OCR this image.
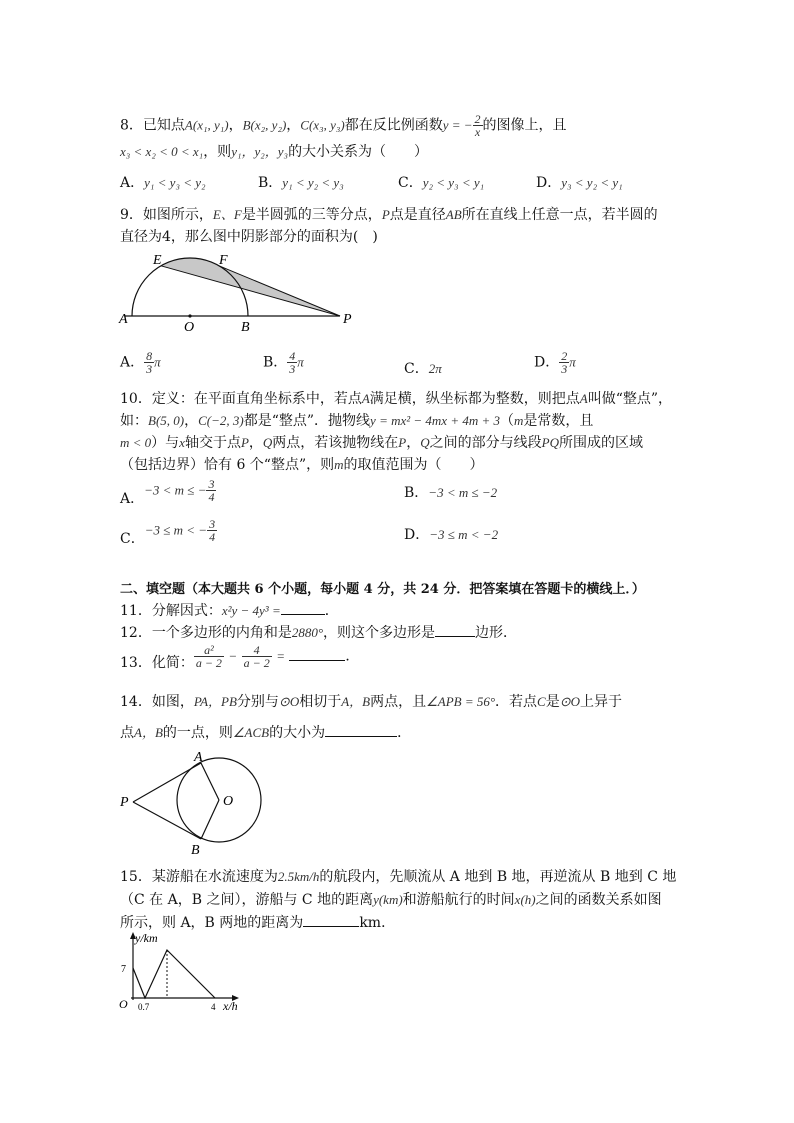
8．已知点A(x₁, y₁)，B(x₂, y₂)，C(x₃, y₃)都在反比例函数y = − $\frac{2}{x}$ 的图像上，且
x₃ < x₂ < 0 < x₁，则y₁，y₂，y₃的大小关系为（　　）
A．y₁ < y₃ < y₂	B．y₁ < y₂ < y₃	C．y₂ < y₃ < y₁	D．y₃ < y₂ < y₁
9．如图所示，E、F是半圆弧的三等分点，P点是直径AB所在直线上任意一点，若半圆的
直径为4，那么图中阴影部分的面积为(　)
E	F
A
O	B
P
A． $\frac{8}{3}$ π	B． $\frac{4}{3}$ π	C．2π	D． $\frac{2}{3}$ π
10．定义：在平面直角坐标系中，若点A满足横，纵坐标都为整数，则把点A叫做“整点”，
如：B(5, 0)，C(−2, 3)都是“整点”．抛物线y = mx² − 4mx + 4m + 3（m是常数，且
m < 0）与x轴交于点P，Q两点，若该抛物线在P，Q之间的部分与线段PQ所围成的区域
（包括边界）恰有 6 个“整点”，则m的取值范围为（　　）
A．−3 < m ≤ − $\frac{3}{4}$	B．−3 < m ≤ −2
C．−3 ≤ m < − $\frac{3}{4}$	D．−3 ≤ m < −2
二、填空题（本大题共 6 个小题，每小题 4 分，共 24 分．把答案填在答题卡的横线上．）
11．分解因式：x²y − 4y³ =	．
12．一个多边形的内角和是2880°，则这个多边形是	边形．
13．化简： $\frac{\text{a²}}{a - 2} - \frac{4}{a - 2}$ =	．
14．如图，PA，PB分别与⊙O相切于A，B两点，且∠APB = 56°．若点C是⊙O上异于
点A，B的一点，则∠ACB的大小为	．
A
B
P	O
15．某游船在水流速度为2.5km/h的航段内，先顺流从 A 地到 B 地，再逆流从 B 地到 C 地
（C 在 A，B 之间），游船与 C 地的距离y(km)和游船航行的时间x(h)之间的函数关系如图
所示，则 A，B 两地的距离为	km．
y/km
x/h
O
7
0.7	4
